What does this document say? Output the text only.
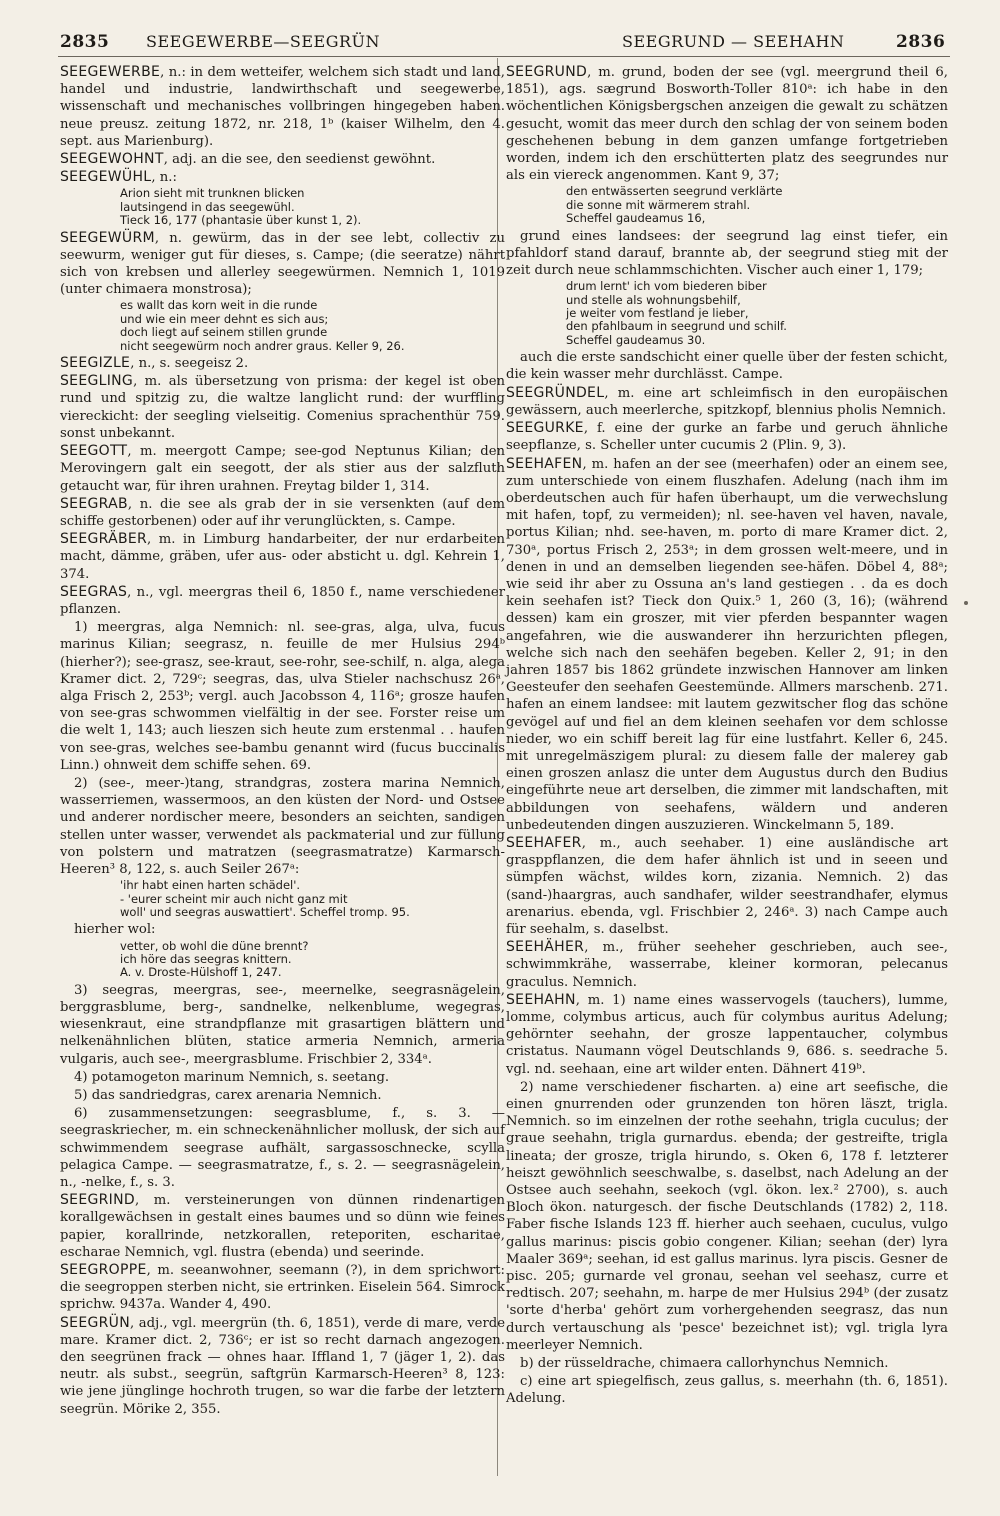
2835 SEEGEWERBE—SEEGRÜN	SEEGRUND — SEEHAHN	2836

SEEGEWERBE, n.: in dem wetteifer, welchem sich stadt und land, handel und industrie, landwirthschaft und seegewerbe, wissenschaft und mechanisches vollbringen hingegeben haben. neue preusz. zeitung 1872, nr. 218, 1ᵇ (kaiser Wilhelm, den 4. sept. aus Marienburg).

SEEGEWOHNT, adj. an die see, den seedienst gewöhnt.

SEEGEWÜHL, n.:

Arion sieht mit trunknen blicken
lautsingend in das seegewühl.
Tieck 16, 177 (phantasie über kunst 1, 2).

SEEGEWÜRM, n. gewürm, das in der see lebt, collectiv zu seewurm, weniger gut für dieses, s. Campe; (die seeratze) nährt sich von krebsen und allerley seegewürmen. Nemnich 1, 1019 (unter chimaera monstrosa);

es wallt das korn weit in die runde
und wie ein meer dehnt es sich aus;
doch liegt auf seinem stillen grunde
nicht seegewürm noch andrer graus. Keller 9, 26.

SEEGIZLE, n., s. seegeisz 2.

SEEGLING, m. als übersetzung von prisma: der kegel ist oben rund und spitzig zu, die waltze langlicht rund: der wurffling viereckicht: der seegling vielseitig. Comenius sprachenthür 759. sonst unbekannt.

SEEGOTT, m. meergott Campe; see-god Neptunus Kilian; den Merovingern galt ein seegott, der als stier aus der salzfluth getaucht war, für ihren urahnen. Freytag bilder 1, 314.

SEEGRAB, n. die see als grab der in sie versenkten (auf dem schiffe gestorbenen) oder auf ihr verunglückten, s. Campe.

SEEGRÄBER, m. in Limburg handarbeiter, der nur erdarbeiten macht, dämme, gräben, ufer aus- oder absticht u. dgl. Kehrein 1, 374.

SEEGRAS, n., vgl. meergras theil 6, 1850 f., name verschiedener pflanzen.

1) meergras, alga Nemnich: nl. see-gras, alga, ulva, fucus marinus Kilian; seegrasz, n. feuille de mer Hulsius 294ᵇ (hierher?); see-grasz, see-kraut, see-rohr, see-schilf, n. alga, alega Kramer dict. 2, 729ᶜ; seegras, das, ulva Stieler nachschusz 26ᵃ, alga Frisch 2, 253ᵇ; vergl. auch Jacobsson 4, 116ᵃ; grosze haufen von see-gras schwommen vielfältig in der see. Forster reise um die welt 1, 143; auch lieszen sich heute zum erstenmal . . haufen von see-gras, welches see-bambu genannt wird (fucus buccinalis Linn.) ohnweit dem schiffe sehen. 69.

2) (see-, meer-)tang, strandgras, zostera marina Nemnich, wasserriemen, wassermoos, an den küsten der Nord- und Ostsee und anderer nordischer meere, besonders an seichten, sandigen stellen unter wasser, verwendet als packmaterial und zur füllung von polstern und matratzen (seegrasmatratze) Karmarsch-Heeren³ 8, 122, s. auch Seiler 267ᵃ:

'ihr habt einen harten schädel'.
- 'eurer scheint mir auch nicht ganz mit
woll' und seegras auswattiert'. Scheffel tromp. 95.

hierher wol:

vetter, ob wohl die düne brennt?
ich höre das seegras knittern.
A. v. Droste-Hülshoff 1, 247.

3) seegras, meergras, see-, meernelke, seegrasnägelein, berggrasblume, berg-, sandnelke, nelkenblume, wegegras, wiesenkraut, eine strandpflanze mit grasartigen blättern und nelkenähnlichen blüten, statice armeria Nemnich, armeria vulgaris, auch see-, meergrasblume. Frischbier 2, 334ᵃ.

4) potamogeton marinum Nemnich, s. seetang.

5) das sandriedgras, carex arenaria Nemnich.

6) zusammensetzungen: seegrasblume, f., s. 3. — seegraskriecher, m. ein schneckenähnlicher mollusk, der sich auf schwimmendem seegrase aufhält, sargassoschnecke, scylla pelagica Campe. — seegrasmatratze, f., s. 2. — seegrasnägelein, n., -nelke, f., s. 3.

SEEGRIND, m. versteinerungen von dünnen rindenartigen korallgewächsen in gestalt eines baumes und so dünn wie feines papier, korallrinde, netzkorallen, reteporiten, escharitae, escharae Nemnich, vgl. flustra (ebenda) und seerinde.

SEEGROPPE, m. seeanwohner, seemann (?), in dem sprichwort: die seegroppen sterben nicht, sie ertrinken. Eiselein 564. Simrock sprichw. 9437a. Wander 4, 490.

SEEGRÜN, adj., vgl. meergrün (th. 6, 1851), verde di mare, verde mare. Kramer dict. 2, 736ᶜ; er ist so recht darnach angezogen. den seegrünen frack — ohnes haar. Iffland 1, 7 (jäger 1, 2). das neutr. als subst., seegrün, saftgrün Karmarsch-Heeren³ 8, 123: wie jene jünglinge hochroth trugen, so war die farbe der letztern seegrün. Mörike 2, 355.

SEEGRUND, m. grund, boden der see (vgl. meergrund theil 6, 1851), ags. sægrund Bosworth-Toller 810ᵃ: ich habe in den wöchentlichen Königsbergschen anzeigen die gewalt zu schätzen gesucht, womit das meer durch den schlag der von seinem boden geschehenen bebung in dem ganzen umfange fortgetrieben worden, indem ich den erschütterten platz des seegrundes nur als ein viereck angenommen. Kant 9, 37;

den entwässerten seegrund verklärte
die sonne mit wärmerem strahl.
Scheffel gaudeamus 16,

grund eines landsees: der seegrund lag einst tiefer, ein pfahldorf stand darauf, brannte ab, der seegrund stieg mit der zeit durch neue schlammschichten. Vischer auch einer 1, 179;

drum lernt' ich vom biederen biber
und stelle als wohnungsbehilf,
je weiter vom festland je lieber,
den pfahlbaum in seegrund und schilf.
Scheffel gaudeamus 30.

auch die erste sandschicht einer quelle über der festen schicht, die kein wasser mehr durchlässt. Campe.

SEEGRÜNDEL, m. eine art schleimfisch in den europäischen gewässern, auch meerlerche, spitzkopf, blennius pholis Nemnich.

SEEGURKE, f. eine der gurke an farbe und geruch ähnliche seepflanze, s. Scheller unter cucumis 2 (Plin. 9, 3).

SEEHAFEN, m. hafen an der see (meerhafen) oder an einem see, zum unterschiede von einem fluszhafen. Adelung (nach ihm im oberdeutschen auch für hafen überhaupt, um die verwechslung mit hafen, topf, zu vermeiden); nl. see-haven vel haven, navale, portus Kilian; nhd. see-haven, m. porto di mare Kramer dict. 2, 730ᵃ, portus Frisch 2, 253ᵃ; in dem grossen welt-meere, und in denen in und an demselben liegenden see-häfen. Döbel 4, 88ᵃ; wie seid ihr aber zu Ossuna an's land gestiegen . . da es doch kein seehafen ist? Tieck don Quix.⁵ 1, 260 (3, 16); (während dessen) kam ein groszer, mit vier pferden bespannter wagen angefahren, wie die auswanderer ihn herzurichten pflegen, welche sich nach den seehäfen begeben. Keller 2, 91; in den jahren 1857 bis 1862 gründete inzwischen Hannover am linken Geesteufer den seehafen Geestemünde. Allmers marschenb. 271. hafen an einem landsee: mit lautem gezwitscher flog das schöne gevögel auf und fiel an dem kleinen seehafen vor dem schlosse nieder, wo ein schiff bereit lag für eine lustfahrt. Keller 6, 245. mit unregelmäszigem plural: zu diesem falle der malerey gab einen groszen anlasz die unter dem Augustus durch den Budius eingeführte neue art derselben, die zimmer mit landschaften, mit abbildungen von seehafens, wäldern und anderen unbedeutenden dingen auszuzieren. Winckelmann 5, 189.

SEEHAFER, m., auch seehaber. 1) eine ausländische art grasppflanzen, die dem hafer ähnlich ist und in seeen und sümpfen wächst, wildes korn, zizania. Nemnich. 2) das (sand-)haargras, auch sandhafer, wilder seestrandhafer, elymus arenarius. ebenda, vgl. Frischbier 2, 246ᵃ. 3) nach Campe auch für seehalm, s. daselbst.

SEEHÄHER, m., früher seeheher geschrieben, auch see-, schwimmkrähe, wasserrabe, kleiner kormoran, pelecanus graculus. Nemnich.

SEEHAHN, m. 1) name eines wasservogels (tauchers), lumme, lomme, colymbus articus, auch für colymbus auritus Adelung; gehörnter seehahn, der grosze lappentaucher, colymbus cristatus. Naumann vögel Deutschlands 9, 686. s. seedrache 5. vgl. nd. seehaan, eine art wilder enten. Dähnert 419ᵇ.

2) name verschiedener fischarten. a) eine art seefische, die einen gnurrenden oder grunzenden ton hören läszt, trigla. Nemnich. so im einzelnen der rothe seehahn, trigla cuculus; der graue seehahn, trigla gurnardus. ebenda; der gestreifte, trigla lineata; der grosze, trigla hirundo, s. Oken 6, 178 f. letzterer heiszt gewöhnlich seeschwalbe, s. daselbst, nach Adelung an der Ostsee auch seehahn, seekoch (vgl. ökon. lex.² 2700), s. auch Bloch ökon. naturgesch. der fische Deutschlands (1782) 2, 118. Faber fische Islands 123 ff. hierher auch seehaen, cuculus, vulgo gallus marinus: piscis gobio congener. Kilian; seehan (der) lyra Maaler 369ᵃ; seehan, id est gallus marinus. lyra piscis. Gesner de pisc. 205; gurnarde vel gronau, seehan vel seehasz, curre et redtisch. 207; seehahn, m. harpe de mer Hulsius 294ᵇ (der zusatz 'sorte d'herba' gehört zum vorhergehenden seegrasz, das nun durch vertauschung als 'pesce' bezeichnet ist); vgl. trigla lyra meerleyer Nemnich.

b) der rüsseldrache, chimaera callorhynchus Nemnich.

c) eine art spiegelfisch, zeus gallus, s. meerhahn (th. 6, 1851). Adelung.
